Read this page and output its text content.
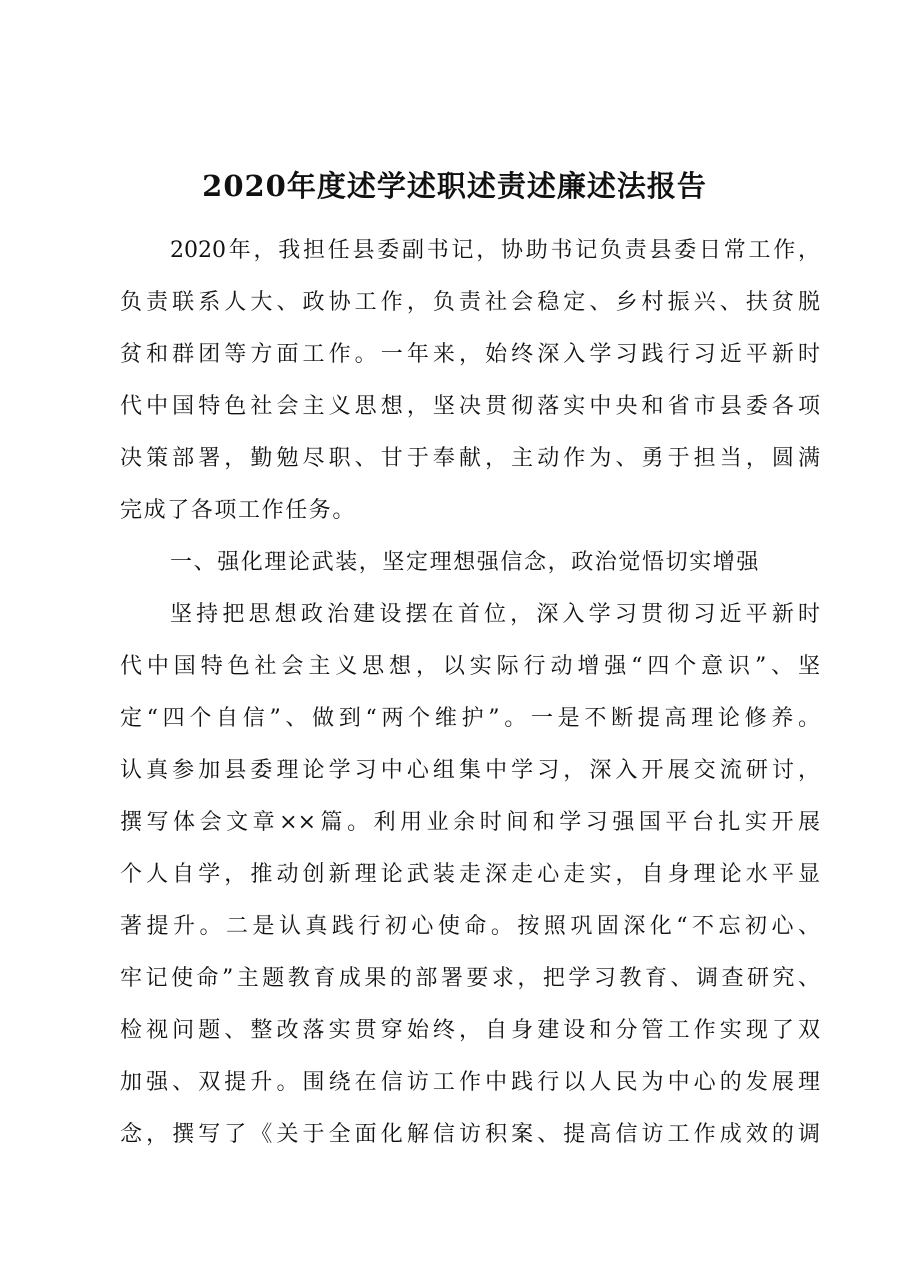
2020年度述学述职述责述廉述法报告
2020年，我担任县委副书记，协助书记负责县委日常工作，
负责联系人大、政协工作，负责社会稳定、乡村振兴、扶贫脱
贫和群团等方面工作。一年来，始终深入学习践行习近平新时
代中国特色社会主义思想，坚决贯彻落实中央和省市县委各项
决策部署，勤勉尽职、甘于奉献，主动作为、勇于担当，圆满
完成了各项工作任务。
一、强化理论武装，坚定理想强信念，政治觉悟切实增强
坚持把思想政治建设摆在首位，深入学习贯彻习近平新时
代中国特色社会主义思想，以实际行动增强“四个意识”、坚
定“四个自信”、做到“两个维护”。一是不断提高理论修养。
认真参加县委理论学习中心组集中学习，深入开展交流研讨，
撰写体会文章××篇。利用业余时间和学习强国平台扎实开展
个人自学，推动创新理论武装走深走心走实，自身理论水平显
著提升。二是认真践行初心使命。按照巩固深化“不忘初心、
牢记使命”主题教育成果的部署要求，把学习教育、调查研究、
检视问题、整改落实贯穿始终，自身建设和分管工作实现了双
加强、双提升。围绕在信访工作中践行以人民为中心的发展理
念，撰写了《关于全面化解信访积案、提高信访工作成效的调
